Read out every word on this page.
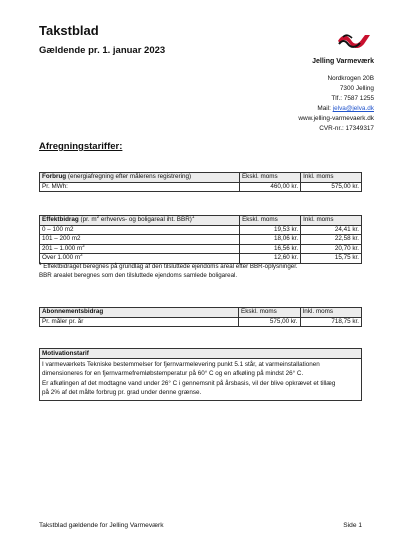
Takstblad
Gældende pr. 1. januar 2023
Jelling Varmeværk
Nordkrogen 20B
7300 Jelling
Tlf.: 7587 1255
Mail: jelva@jelva.dk
www.jelling-varmevaerk.dk
CVR-nr.: 17349317
Afregningstariffer:
Forbrug (energiafregning efter målerens registrering)	Ekskl. moms	Inkl. moms
Pr. MWh:	460,00 kr.	575,00 kr.
Effektbidrag (pr. $m^2$ erhvervs- og boligareal iht. BBR)$^1$	Ekskl. moms	Inkl. moms
0 – 100 m2	19,53 kr.	24,41 kr.
101 – 200 m2	18,06 kr.	22,58 kr.
201 – 1.000 $m^2$	16,56 kr.	20,70 kr.
Over 1.000 $m^2$	12,60 kr.	15,75 kr.
$^1$ Effektbidraget beregnes på grundlag af den tilsluttede ejendoms areal efter BBR-oplysninger.
BBR arealet beregnes som den tilsluttede ejendoms samlede boligareal.
Abonnementsbidrag	Ekskl. moms	Inkl. moms
Pr. måler pr. år	575,00 kr.	718,75 kr.
Motivationstarif
I varmeværkets Tekniske bestemmelser for fjernvarmelevering punkt 5.1 står, at varmeinstallationen
dimensioneres for en fjernvarmefremløbstemperatur på 60° C og en afkøling på mindst 26° C.
Er afkølingen af det modtagne vand under 26° C i gennemsnit på årsbasis, vil der blive opkrævet et tillæg
på 2% af det målte forbrug pr. grad under denne grænse.
Takstblad gældende for Jelling Varmeværk	Side 1
